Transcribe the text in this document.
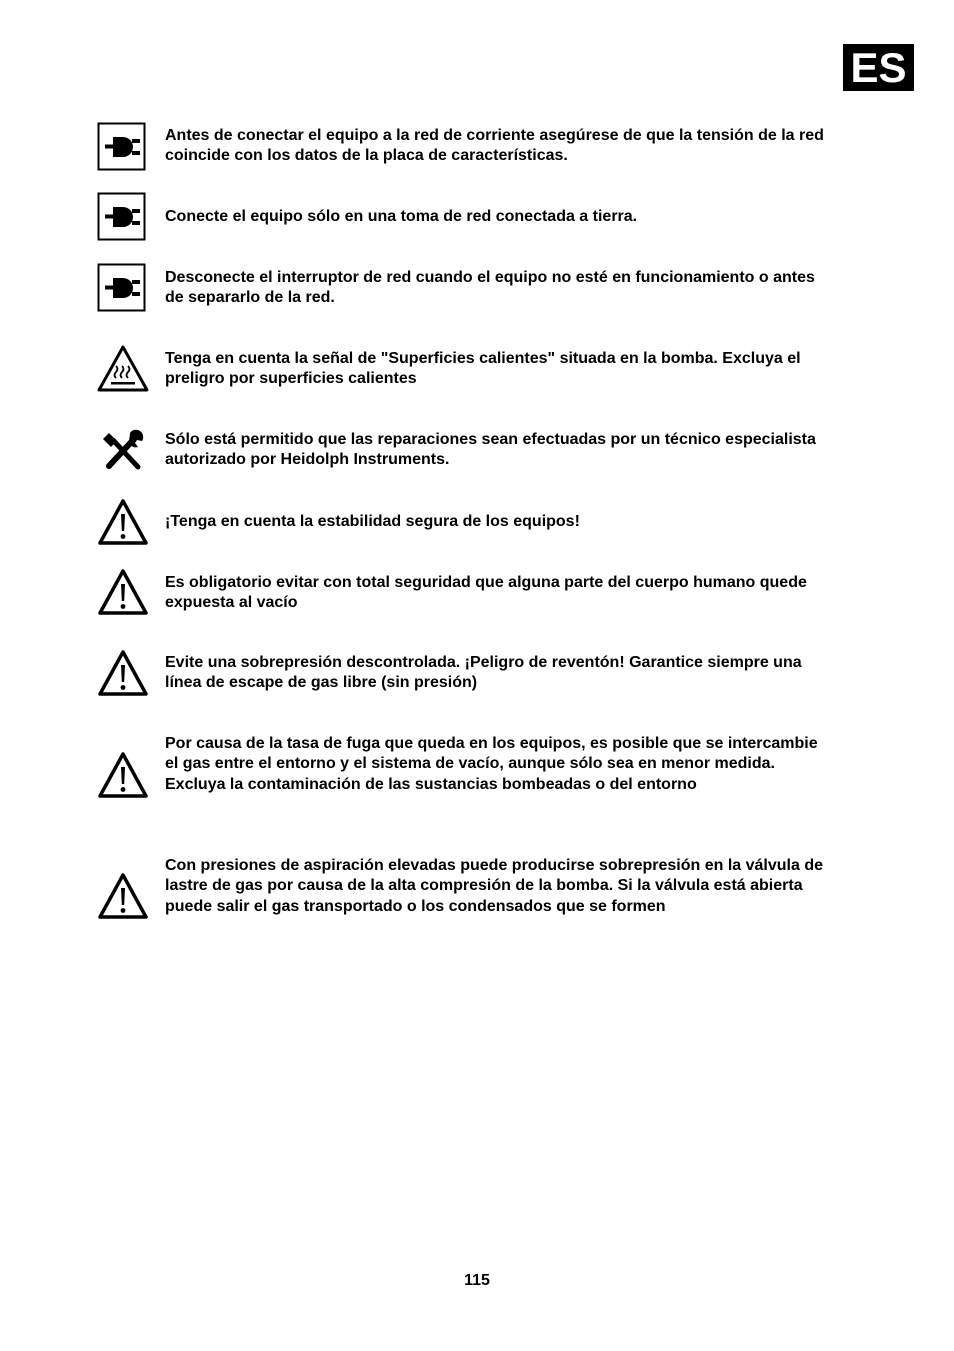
ES
Antes de conectar el equipo a la red de corriente asegúrese de que la tensión de la red coincide con los datos de la placa de características.
Conecte el equipo sólo en una toma de red conectada a tierra.
Desconecte el interruptor de red cuando el equipo no esté en funcionamiento o antes de separarlo de la red.
Tenga en cuenta la señal de "Superficies calientes" situada en la bomba. Excluya el preligro por superficies calientes
Sólo está permitido que las reparaciones sean efectuadas por un técnico especialista autorizado por Heidolph Instruments.
¡Tenga en cuenta la estabilidad segura de los equipos!
Es obligatorio evitar con total seguridad que alguna parte del cuerpo humano quede expuesta al vacío
Evite una sobrepresión descontrolada. ¡Peligro de reventón! Garantice siempre una línea de escape de gas libre (sin presión)
Por causa de la tasa de fuga que queda en los equipos, es posible que se intercambie el gas entre el entorno y el sistema de vacío, aunque sólo sea en menor medida. Excluya la contaminación de las sustancias bombeadas o del entorno
Con presiones de aspiración elevadas puede producirse sobrepresión en la válvula de lastre de gas por causa de la alta compresión de la bomba. Si la válvula está abierta puede salir el gas transportado o los condensados que se formen
115
